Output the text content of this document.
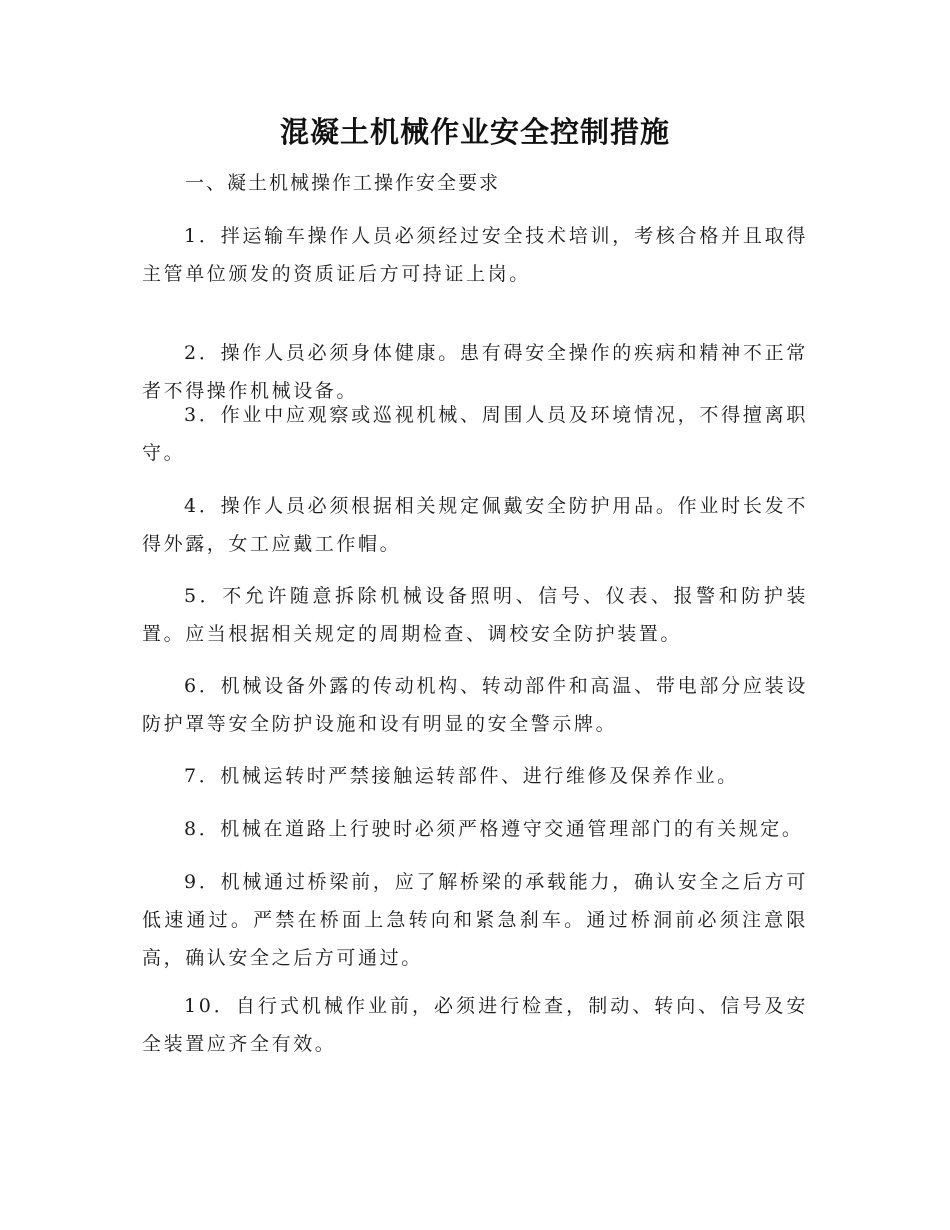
混凝土机械作业安全控制措施
一、凝土机械操作工操作安全要求

1．拌运输车操作人员必须经过安全技术培训，考核合格并且取得主管单位颁发的资质证后方可持证上岗。

2．操作人员必须身体健康。患有碍安全操作的疾病和精神不正常者不得操作机械设备。

3．作业中应观察或巡视机械、周围人员及环境情况，不得擅离职守。

4．操作人员必须根据相关规定佩戴安全防护用品。作业时长发不得外露，女工应戴工作帽。

5．不允许随意拆除机械设备照明、信号、仪表、报警和防护装置。应当根据相关规定的周期检查、调校安全防护装置。

6．机械设备外露的传动机构、转动部件和高温、带电部分应装设防护罩等安全防护设施和设有明显的安全警示牌。

7．机械运转时严禁接触运转部件、进行维修及保养作业。

8．机械在道路上行驶时必须严格遵守交通管理部门的有关规定。

9．机械通过桥梁前，应了解桥梁的承载能力，确认安全之后方可低速通过。严禁在桥面上急转向和紧急刹车。通过桥洞前必须注意限高，确认安全之后方可通过。

10．自行式机械作业前，必须进行检查，制动、转向、信号及安全装置应齐全有效。
